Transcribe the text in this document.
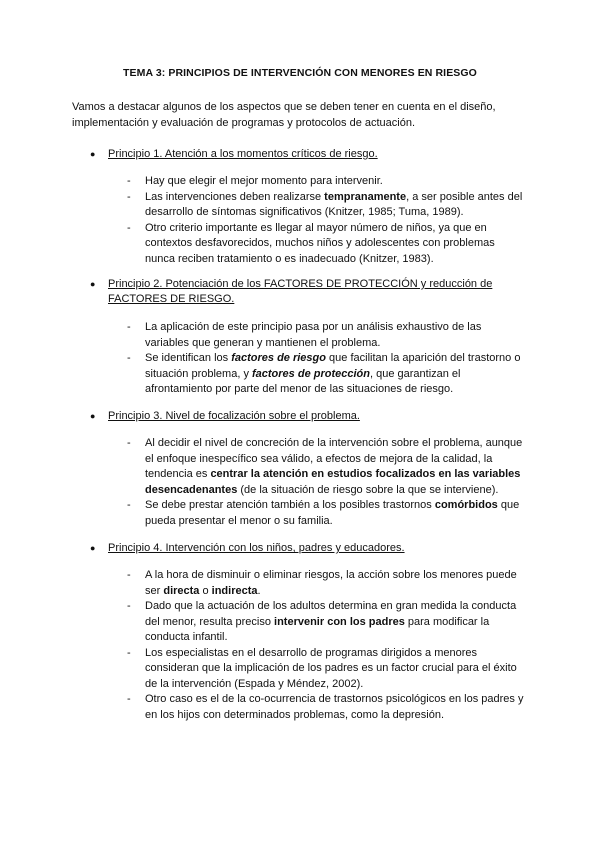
TEMA 3: PRINCIPIOS DE INTERVENCIÓN CON MENORES EN RIESGO
Vamos a destacar algunos de los aspectos que se deben tener en cuenta en el diseño, implementación y evaluación de programas y protocolos de actuación.
● Principio 1. Atención a los momentos críticos de riesgo.
- Hay que elegir el mejor momento para intervenir.
- Las intervenciones deben realizarse tempranamente, a ser posible antes del desarrollo de síntomas significativos (Knitzer, 1985; Tuma, 1989).
- Otro criterio importante es llegar al mayor número de niños, ya que en contextos desfavorecidos, muchos niños y adolescentes con problemas nunca reciben tratamiento o es inadecuado (Knitzer, 1983).
● Principio 2. Potenciación de los FACTORES DE PROTECCIÓN y reducción de FACTORES DE RIESGO.
- La aplicación de este principio pasa por un análisis exhaustivo de las variables que generan y mantienen el problema.
- Se identifican los factores de riesgo que facilitan la aparición del trastorno o situación problema, y factores de protección, que garantizan el afrontamiento por parte del menor de las situaciones de riesgo.
● Principio 3. Nivel de focalización sobre el problema.
- Al decidir el nivel de concreción de la intervención sobre el problema, aunque el enfoque inespecífico sea válido, a efectos de mejora de la calidad, la tendencia es centrar la atención en estudios focalizados en las variables desencadenantes (de la situación de riesgo sobre la que se interviene).
- Se debe prestar atención también a los posibles trastornos comórbidos que pueda presentar el menor o su familia.
● Principio 4. Intervención con los niños, padres y educadores.
- A la hora de disminuir o eliminar riesgos, la acción sobre los menores puede ser directa o indirecta.
- Dado que la actuación de los adultos determina en gran medida la conducta del menor, resulta preciso intervenir con los padres para modificar la conducta infantil.
- Los especialistas en el desarrollo de programas dirigidos a menores consideran que la implicación de los padres es un factor crucial para el éxito de la intervención (Espada y Méndez, 2002).
- Otro caso es el de la co-ocurrencia de trastornos psicológicos en los padres y en los hijos con determinados problemas, como la depresión.
